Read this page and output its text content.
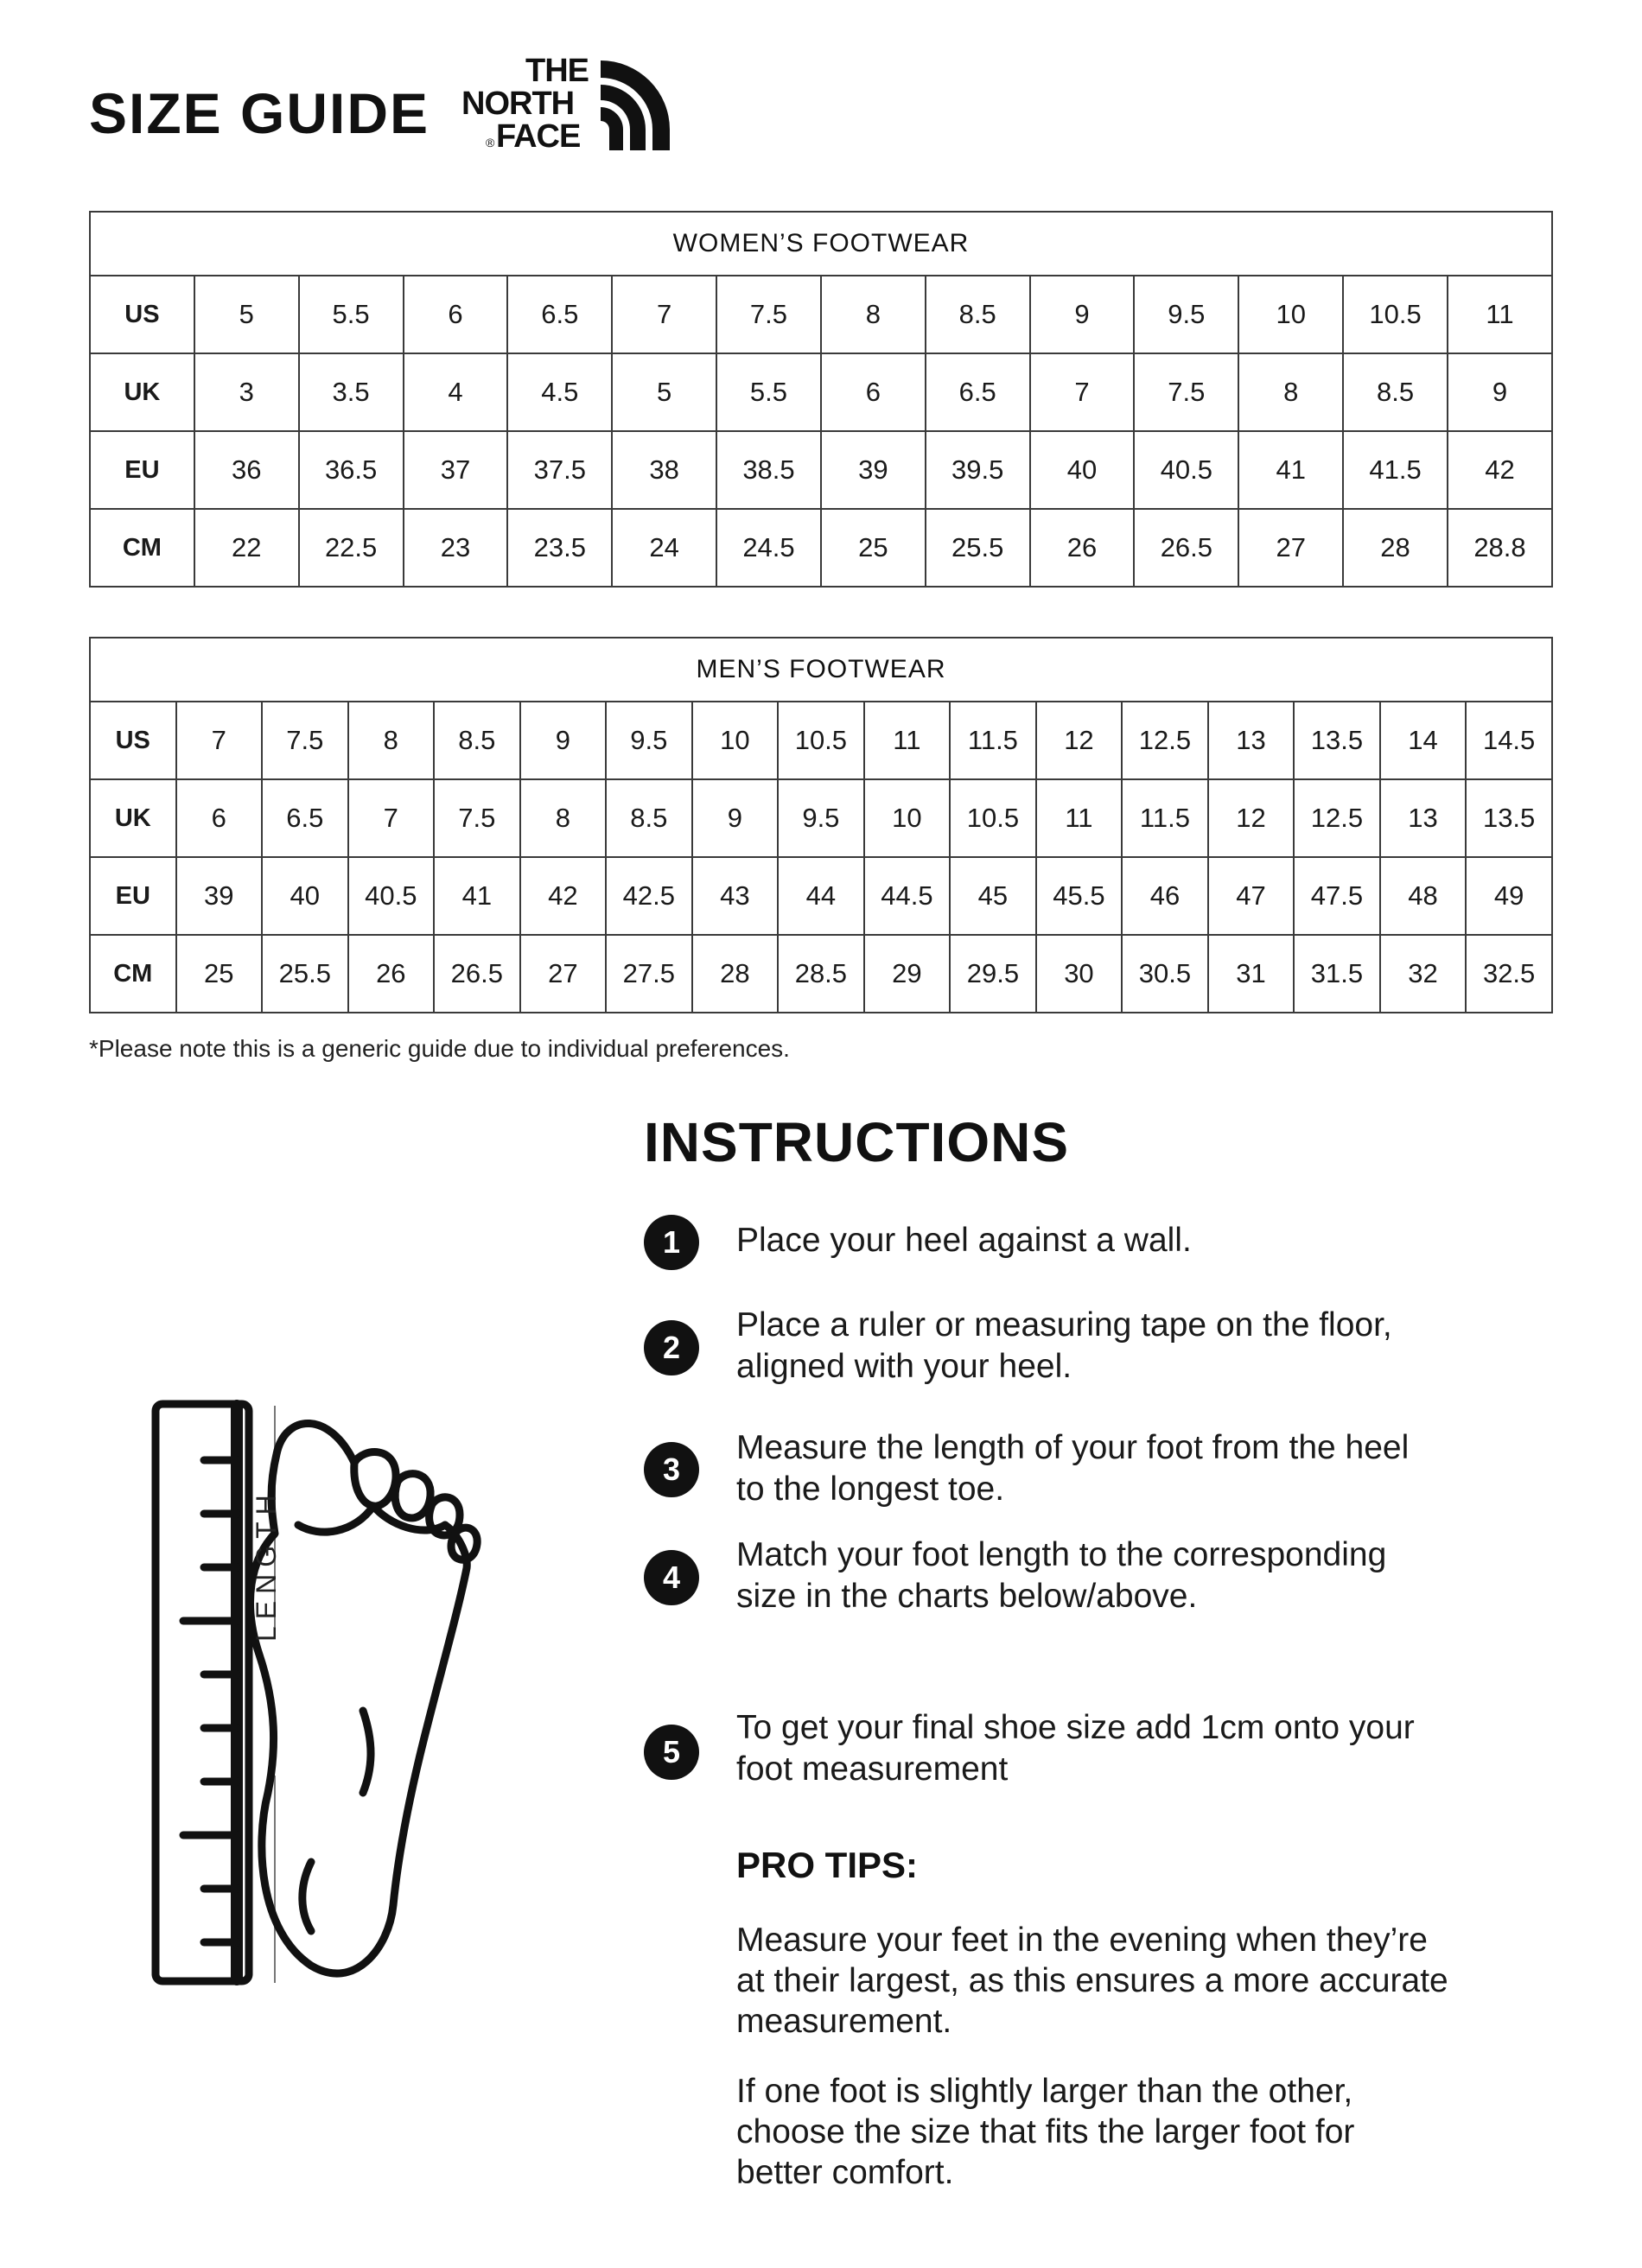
SIZE GUIDE
THE
NORTH
FACE
®
WOMEN’S FOOTWEAR													
US	5	5.5	6	6.5	7	7.5	8	8.5	9	9.5	10	10.5	11
UK	3	3.5	4	4.5	5	5.5	6	6.5	7	7.5	8	8.5	9
EU	36	36.5	37	37.5	38	38.5	39	39.5	40	40.5	41	41.5	42
CM	22	22.5	23	23.5	24	24.5	25	25.5	26	26.5	27	28	28.8
MEN’S FOOTWEAR																
US	7	7.5	8	8.5	9	9.5	10	10.5	11	11.5	12	12.5	13	13.5	14	14.5
UK	6	6.5	7	7.5	8	8.5	9	9.5	10	10.5	11	11.5	12	12.5	13	13.5
EU	39	40	40.5	41	42	42.5	43	44	44.5	45	45.5	46	47	47.5	48	49
CM	25	25.5	26	26.5	27	27.5	28	28.5	29	29.5	30	30.5	31	31.5	32	32.5
*Please note this is a generic guide due to individual preferences.
INSTRUCTIONS
1	Place your heel against a wall.
2
Place a ruler or measuring tape on the floor,
aligned with your heel.
3
Measure the length of your foot from the heel
to the longest toe.
4
Match your foot length to the corresponding
size in the charts below/above.
5
To get your final shoe size add 1cm onto your
foot measurement
PRO TIPS:
Measure your feet in the evening when they’re
at their largest, as this ensures a more accurate
measurement.
If one foot is slightly larger than the other,
choose the size that fits the larger foot for
better comfort.
LENGTH
